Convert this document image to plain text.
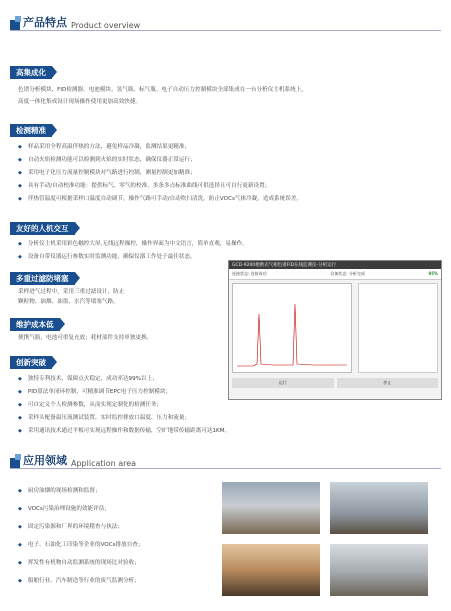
产品特点 Product overview
高集成化
色谱分析模块、FID检测器、电池模块、氢气瓶、标气瓶、电子自动压力控制模块全部集成在一台分析仪主机系统上，
高度一体化集成设计现场操作使用更加高效快捷。
检测精准
◆ 样品采用全程高温伴热的方法，避免样品冷凝，监测结果更精准；
◆ 自动火焰检测功能可以检测到火焰的实时状态，确保仪器正常运行；
◆ 采用电子化压力流量控制模块对气路进行控制，测量控制更加精准；
◆ 具有手动/自动校准功能：提供标气、零气的校准，多条多点标准曲线可供选择且可自行更新设置；
◆ 伴热管温度可根据采样口温度自动调节，操作气路可手动/自动吹扫清洗，防止VOCs气体冷凝，造成系统误差。
友好的人机交互
◆ 分析仪主机采用彩色触控大屏,无线远程操控，操作界面为中文语言，简单直观，易操作。
◆ 设备自带仪器运行参数实时监测功能，确保仪器工作处于最佳状态。
多重过滤防堵塞
采样进气过程中，采用三重过滤设计，防止
颗粒物、油烟、油墨、水汽等堵塞气路。
维护成本低
便携气瓶，电池可重复充放；耗材部件支持单独更换。
创新突破
◆ 独特专利技术，保障点火稳定，成功率达99%以上；
◆ PID算法单闭环控制，可精准调节EPC电子压力控制模块；
◆ 可自定义个人检测参数，从而实现定制化的检测任务；
◆ 采样头配备温压流测试装置，实时监控排放口温度、压力和流量；
◆ 采用通讯技术通过平板可实现远程操作和数据传输，空旷地带传输距离可达1KM。
GCD-9200便携式气相色谱FID在线监测仪-分析运行
连接状态: 连接成功	设备状态: 分析完成	95%
运行	停止
应用领域 Application area
◆ 厨房油烟的现场检测和监督；
◆ VOCs污染治理设施的效能评估；
◆ 固定污染源和厂界的环境稽查与执法；
◆ 电子、石油化工印染等企业的VOCs排放自查；
◆ 挥发性有机物自动监测系统的现场比对验收；
◆ 船舶行业、汽车制造等行业的废气监测分析；
